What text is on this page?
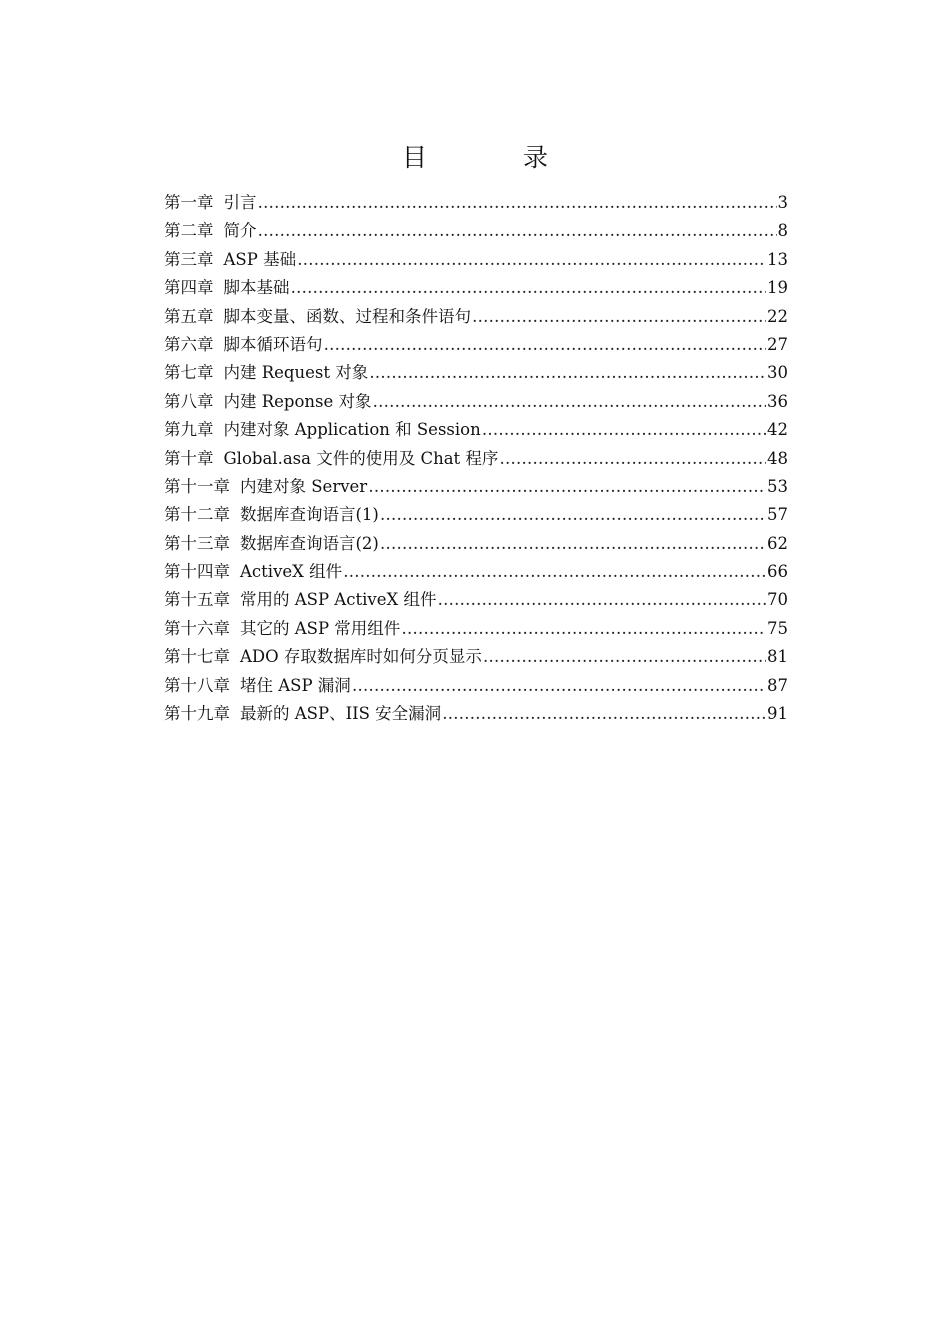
目	录
第一章 引言 …………………………………………………………………………………………………………………………………………………………………………	3
第二章 简介 …………………………………………………………………………………………………………………………………………………………………………	8
第三章 ASP 基础 …………………………………………………………………………………………………………………………………………………………………………	13
第四章 脚本基础 …………………………………………………………………………………………………………………………………………………………………………	19
第五章 脚本变量、函数、过程和条件语句 …………………………………………………………………………………………………………………………………………………………………………	22
第六章 脚本循环语句 …………………………………………………………………………………………………………………………………………………………………………	27
第七章 内建 Request 对象 …………………………………………………………………………………………………………………………………………………………………………	30
第八章 内建 Reponse 对象 …………………………………………………………………………………………………………………………………………………………………………	36
第九章 内建对象 Application 和 Session …………………………………………………………………………………………………………………………………………………………………………	42
第十章 Global.asa 文件的使用及 Chat 程序 …………………………………………………………………………………………………………………………………………………………………………	48
第十一章 内建对象 Server …………………………………………………………………………………………………………………………………………………………………………	53
第十二章 数据库查询语言(1) …………………………………………………………………………………………………………………………………………………………………………	57
第十三章 数据库查询语言(2) …………………………………………………………………………………………………………………………………………………………………………	62
第十四章 ActiveX 组件 …………………………………………………………………………………………………………………………………………………………………………	66
第十五章 常用的 ASP ActiveX 组件 …………………………………………………………………………………………………………………………………………………………………………	70
第十六章 其它的 ASP 常用组件 …………………………………………………………………………………………………………………………………………………………………………	75
第十七章 ADO 存取数据库时如何分页显示 …………………………………………………………………………………………………………………………………………………………………………	81
第十八章 堵住 ASP 漏洞 …………………………………………………………………………………………………………………………………………………………………………	87
第十九章 最新的 ASP、IIS 安全漏洞 …………………………………………………………………………………………………………………………………………………………………………	91
